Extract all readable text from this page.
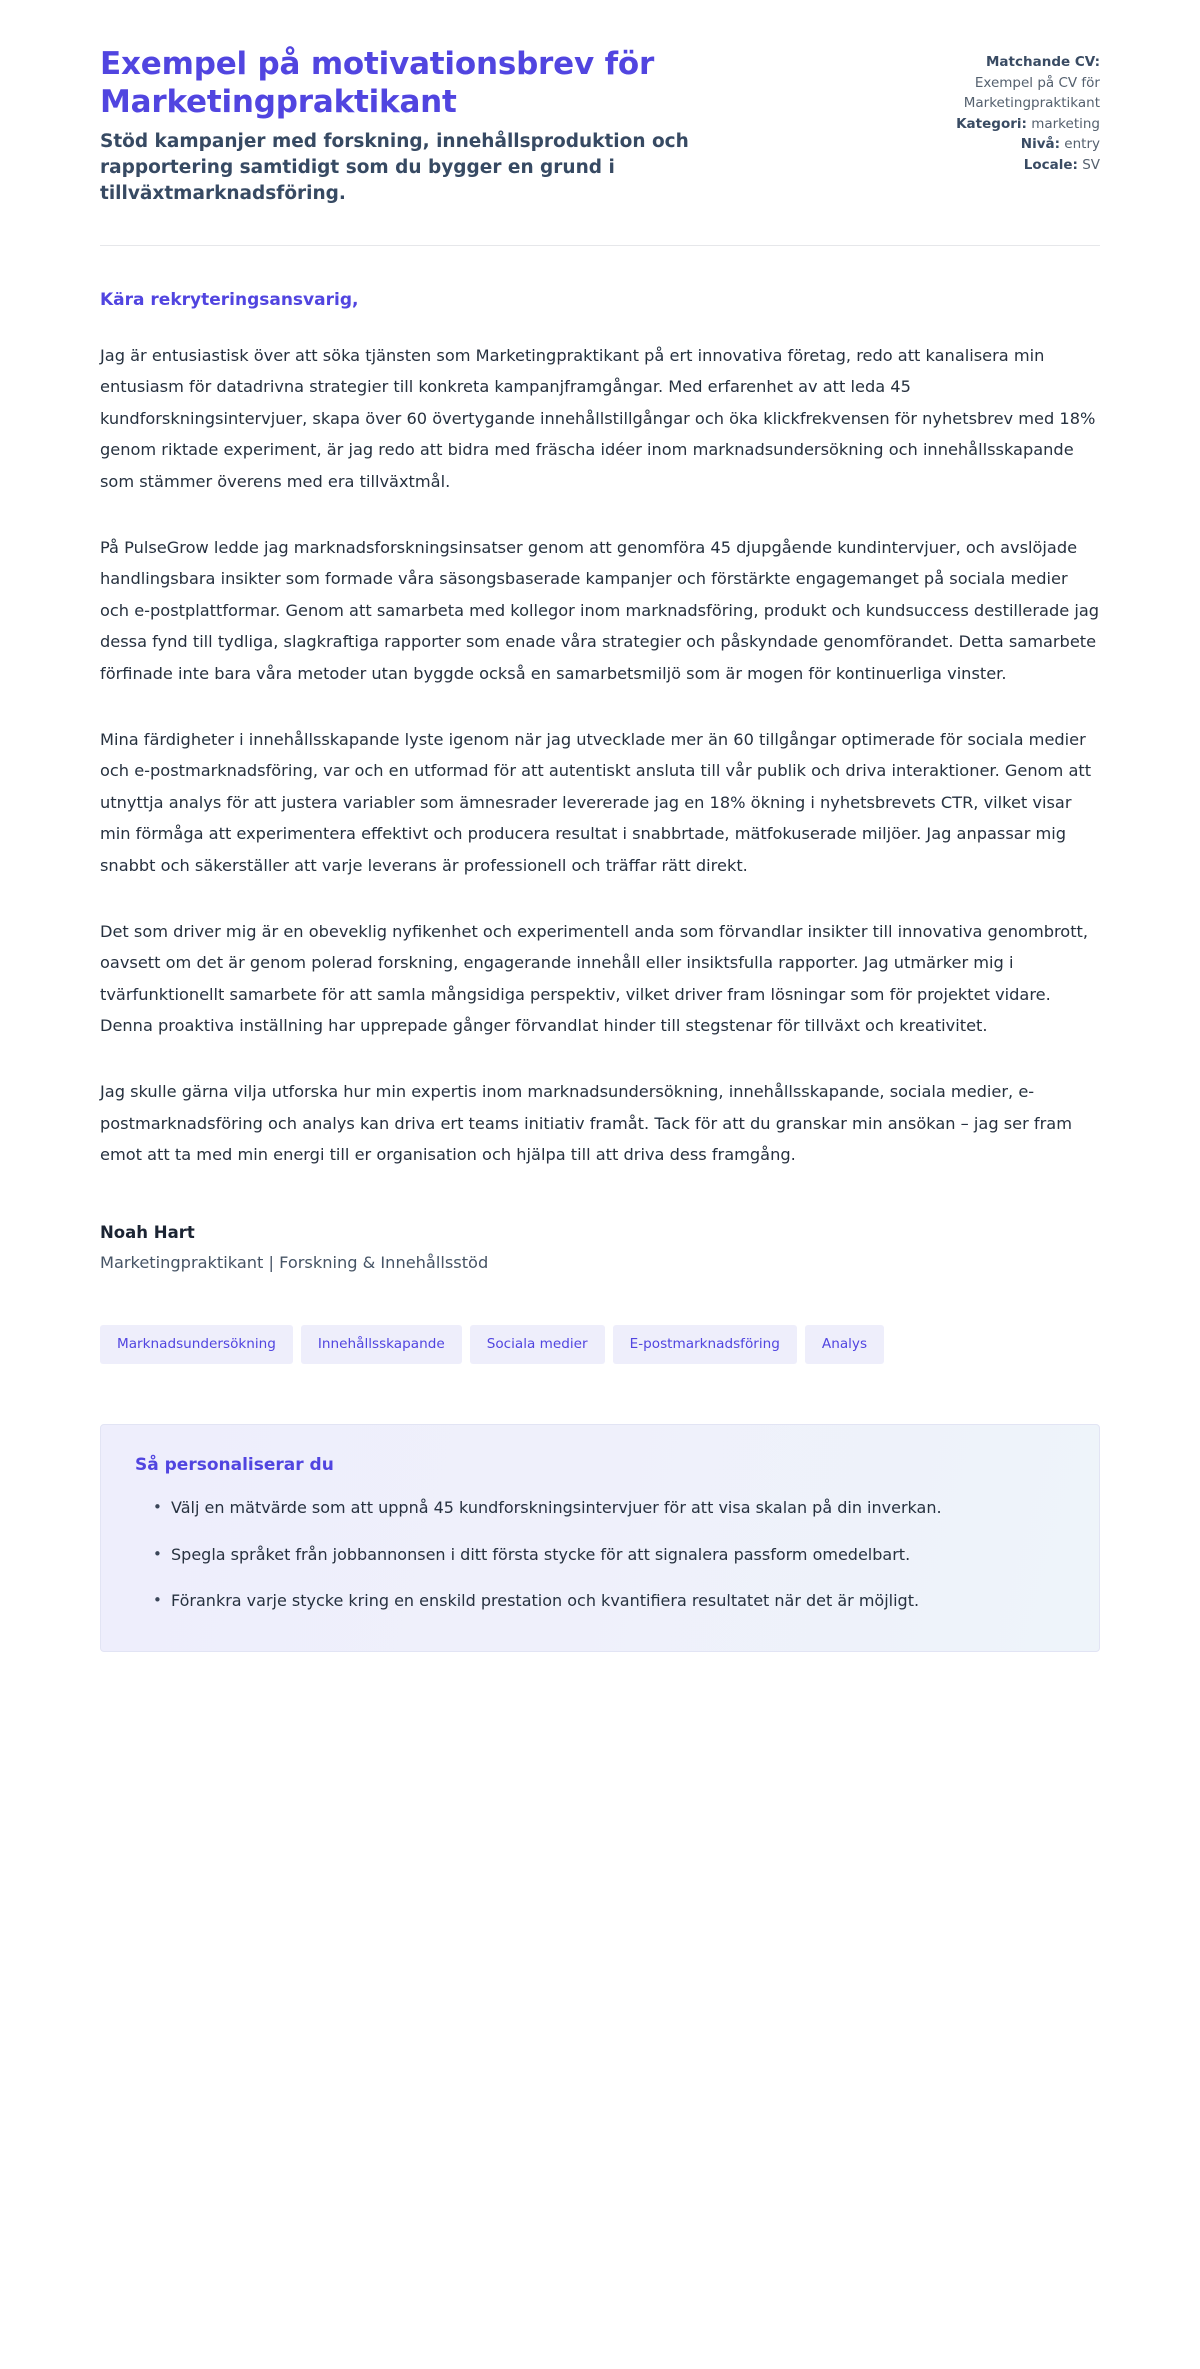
Exempel på motivationsbrev för Marketingpraktikant

Stöd kampanjer med forskning, innehållsproduktion och rapportering samtidigt som du bygger en grund i tillväxtmarknadsföring.

Matchande CV:
Exempel på CV för Marketingpraktikant
Kategori: marketing
Nivå: entry
Locale: SV

Kära rekryteringsansvarig,

Jag är entusiastisk över att söka tjänsten som Marketingpraktikant på ert innovativa företag, redo att kanalisera min entusiasm för datadrivna strategier till konkreta kampanjframgångar. Med erfarenhet av att leda 45 kundforskningsintervjuer, skapa över 60 övertygande innehållstillgångar och öka klickfrekvensen för nyhetsbrev med 18% genom riktade experiment, är jag redo att bidra med fräscha idéer inom marknadsundersökning och innehållsskapande som stämmer överens med era tillväxtmål.

På PulseGrow ledde jag marknadsforskningsinsatser genom att genomföra 45 djupgående kundintervjuer, och avslöjade handlingsbara insikter som formade våra säsongsbaserade kampanjer och förstärkte engagemanget på sociala medier och e-postplattformar. Genom att samarbeta med kollegor inom marknadsföring, produkt och kundsuccess destillerade jag dessa fynd till tydliga, slagkraftiga rapporter som enade våra strategier och påskyndade genomförandet. Detta samarbete förfinade inte bara våra metoder utan byggde också en samarbetsmiljö som är mogen för kontinuerliga vinster.

Mina färdigheter i innehållsskapande lyste igenom när jag utvecklade mer än 60 tillgångar optimerade för sociala medier och e-postmarknadsföring, var och en utformad för att autentiskt ansluta till vår publik och driva interaktioner. Genom att utnyttja analys för att justera variabler som ämnesrader levererade jag en 18% ökning i nyhetsbrevets CTR, vilket visar min förmåga att experimentera effektivt och producera resultat i snabbrtade, mätfokuserade miljöer. Jag anpassar mig snabbt och säkerställer att varje leverans är professionell och träffar rätt direkt.

Det som driver mig är en obeveklig nyfikenhet och experimentell anda som förvandlar insikter till innovativa genombrott, oavsett om det är genom polerad forskning, engagerande innehåll eller insiktsfulla rapporter. Jag utmärker mig i tvärfunktionellt samarbete för att samla mångsidiga perspektiv, vilket driver fram lösningar som för projektet vidare. Denna proaktiva inställning har upprepade gånger förvandlat hinder till stegstenar för tillväxt och kreativitet.

Jag skulle gärna vilja utforska hur min expertis inom marknadsundersökning, innehållsskapande, sociala medier, e-postmarknadsföring och analys kan driva ert teams initiativ framåt. Tack för att du granskar min ansökan – jag ser fram emot att ta med min energi till er organisation och hjälpa till att driva dess framgång.

Noah Hart

Marketingpraktikant | Forskning & Innehållsstöd

Marknadsundersökning	Innehållsskapande	Sociala medier	E-postmarknadsföring	Analys
Så personaliserar du
• Välj en mätvärde som att uppnå 45 kundforskningsintervjuer för att visa skalan på din inverkan.
• Spegla språket från jobbannonsen i ditt första stycke för att signalera passform omedelbart.
• Förankra varje stycke kring en enskild prestation och kvantifiera resultatet när det är möjligt.
